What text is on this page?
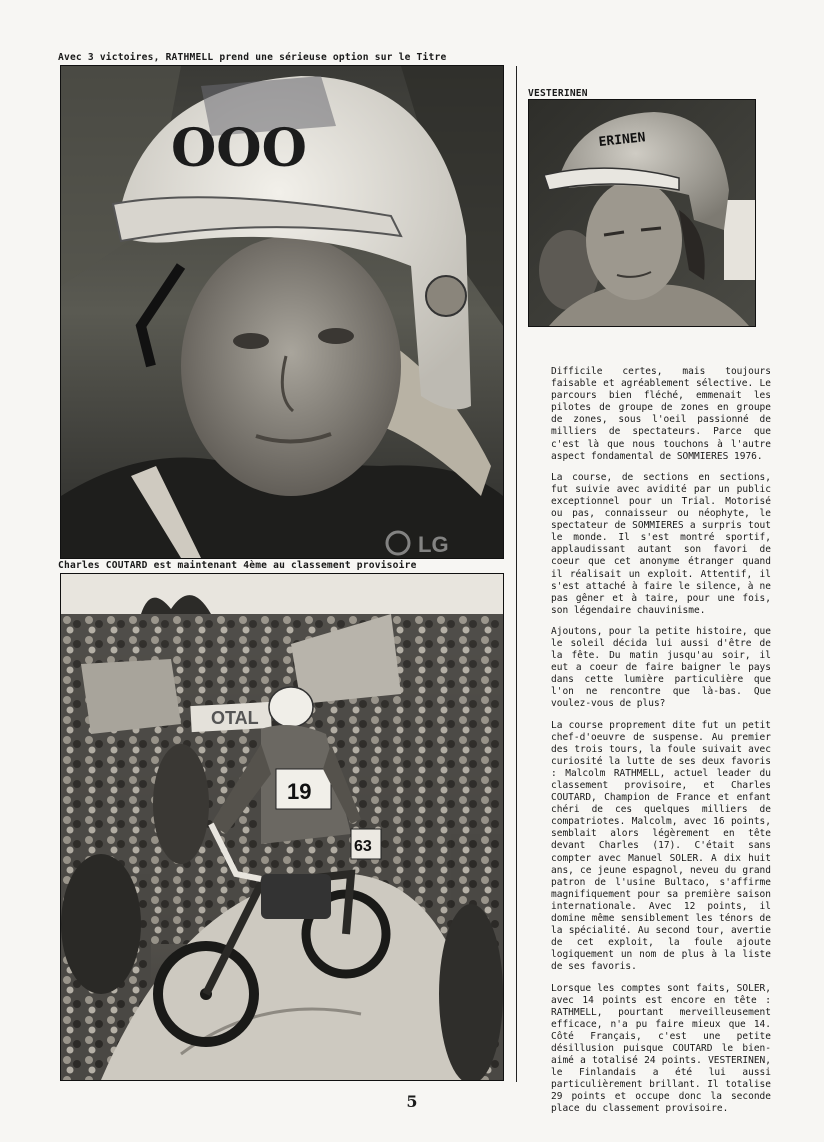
Avec 3 victoires, RATHMELL prend une sérieuse option sur le Titre
VESTERINEN
Charles COUTARD est maintenant 4ème au classement provisoire
OOO	ERINEN
OTAL
19
63
LG

Difficile certes, mais toujours faisable et agréablement sélective. Le parcours bien fléché, emmenait les pilotes de groupe de zones en groupe de zones, sous l'oeil passionné de milliers de spectateurs. Parce que c'est là que nous touchons à l'autre aspect fondamental de SOMMIERES 1976.

La course, de sections en sections, fut suivie avec avidité par un public exceptionnel pour un Trial. Motorisé ou pas, connaisseur ou néophyte, le spectateur de SOMMIERES a surpris tout le monde. Il s'est montré sportif, applaudissant autant son favori de coeur que cet anonyme étranger quand il réalisait un exploit. Attentif, il s'est attaché à faire le silence, à ne pas gêner et à taire, pour une fois, son légendaire chauvinisme.

Ajoutons, pour la petite histoire, que le soleil décida lui aussi d'être de la fête. Du matin jusqu'au soir, il eut a coeur de faire baigner le pays dans cette lumière particulière que l'on ne rencontre que là-bas. Que voulez-vous de plus?

La course proprement dite fut un petit chef-d'oeuvre de suspense. Au premier des trois tours, la foule suivait avec curiosité la lutte de ses deux favoris : Malcolm RATHMELL, actuel leader du classement provisoire, et Charles COUTARD, Champion de France et enfant chéri de ces quelques milliers de compatriotes. Malcolm, avec 16 points, semblait alors légèrement en tête devant Charles (17). C'était sans compter avec Manuel SOLER. A dix huit ans, ce jeune espagnol, neveu du grand patron de l'usine Bultaco, s'affirme magnifiquement pour sa première saison internationale. Avec 12 points, il domine même sensiblement les ténors de la spécialité. Au second tour, avertie de cet exploit, la foule ajoute logiquement un nom de plus à la liste de ses favoris.

Lorsque les comptes sont faits, SOLER, avec 14 points est encore en tête : RATHMELL, pourtant merveilleusement efficace, n'a pu faire mieux que 14. Côté Français, c'est une petite désillusion puisque COUTARD le bien-aimé a totalisé 24 points. VESTERINEN, le Finlandais a été lui aussi particulièrement brillant. Il totalise 29 points et occupe donc la seconde place du classement provisoire.

5
